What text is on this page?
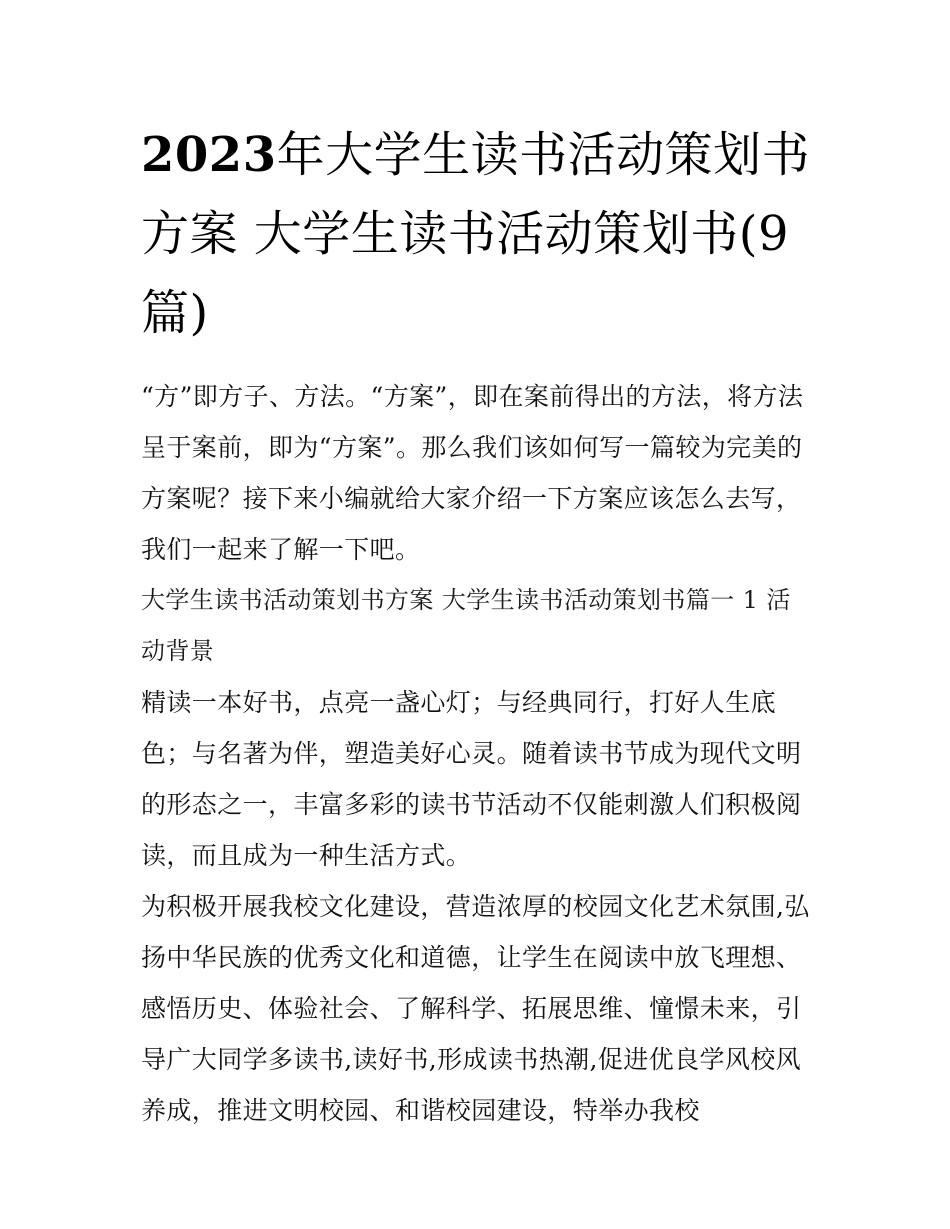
2023年大学生读书活动策划书方案 大学生读书活动策划书(9篇)

“方”即方子、方法。“方案”，即在案前得出的方法，将方法呈于案前，即为“方案”。那么我们该如何写一篇较为完美的方案呢？接下来小编就给大家介绍一下方案应该怎么去写，我们一起来了解一下吧。

大学生读书活动策划书方案 大学生读书活动策划书篇一 1 活动背景

精读一本好书，点亮一盏心灯；与经典同行，打好人生底色；与名著为伴，塑造美好心灵。随着读书节成为现代文明的形态之一，丰富多彩的读书节活动不仅能刺激人们积极阅读，而且成为一种生活方式。

为积极开展我校文化建设，营造浓厚的校园文化艺术氛围,弘扬中华民族的优秀文化和道德，让学生在阅读中放飞理想、感悟历史、体验社会、了解科学、拓展思维、憧憬未来，引导广大同学多读书,读好书,形成读书热潮,促进优良学风校风养成，推进文明校园、和谐校园建设，特举办我校
